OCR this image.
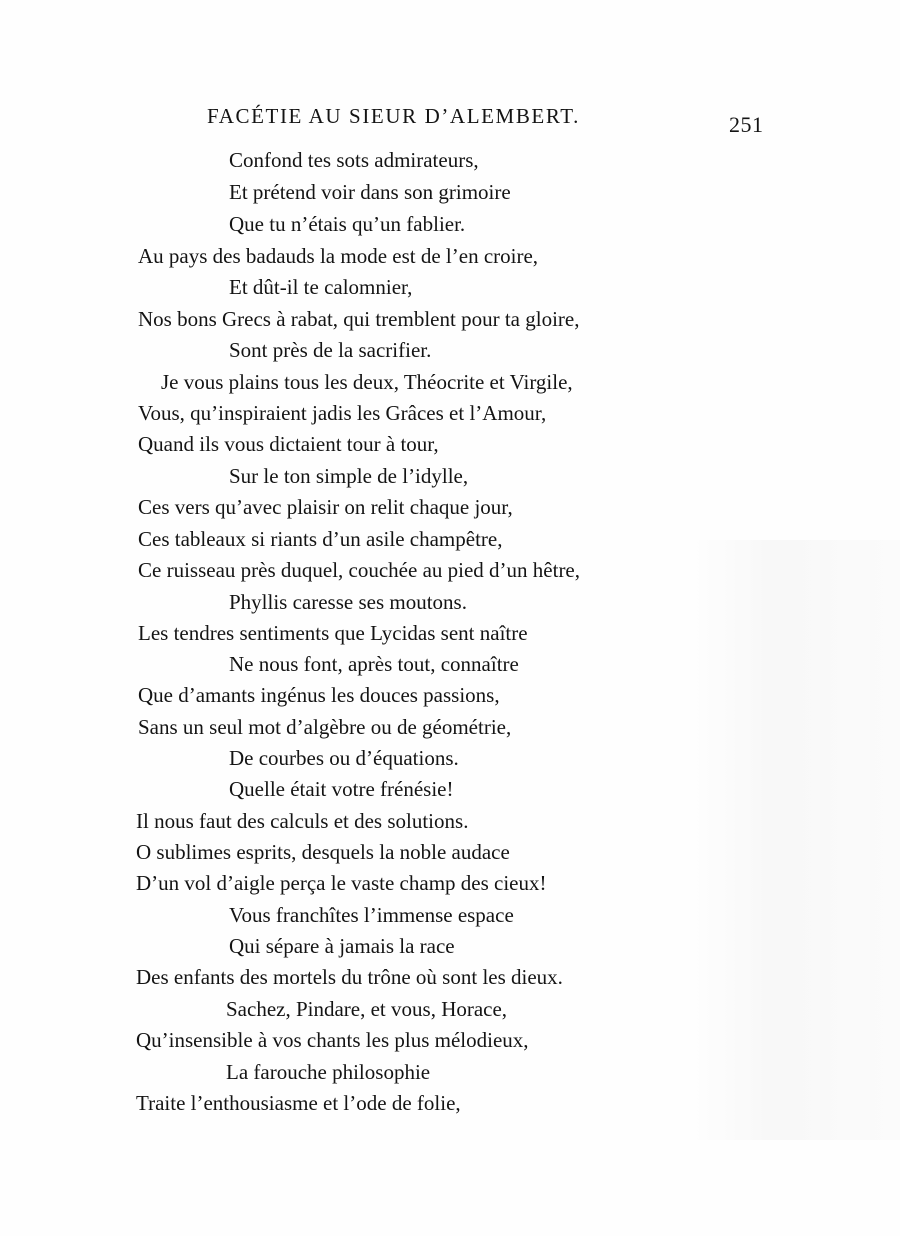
FACÉTIE AU SIEUR D’ALEMBERT.	251
Confond tes sots admirateurs,
Et prétend voir dans son grimoire
Que tu n’étais qu’un fablier.
Au pays des badauds la mode est de l’en croire,
Et dût-il te calomnier,
Nos bons Grecs à rabat, qui tremblent pour ta gloire,
Sont près de la sacrifier.
Je vous plains tous les deux, Théocrite et Virgile,
Vous, qu’inspiraient jadis les Grâces et l’Amour,
Quand ils vous dictaient tour à tour,
Sur le ton simple de l’idylle,
Ces vers qu’avec plaisir on relit chaque jour,
Ces tableaux si riants d’un asile champêtre,
Ce ruisseau près duquel, couchée au pied d’un hêtre,
Phyllis caresse ses moutons.
Les tendres sentiments que Lycidas sent naître
Ne nous font, après tout, connaître
Que d’amants ingénus les douces passions,
Sans un seul mot d’algèbre ou de géométrie,
De courbes ou d’équations.
Quelle était votre frénésie!
Il nous faut des calculs et des solutions.
O sublimes esprits, desquels la noble audace
D’un vol d’aigle perça le vaste champ des cieux!
Vous franchîtes l’immense espace
Qui sépare à jamais la race
Des enfants des mortels du trône où sont les dieux.
Sachez, Pindare, et vous, Horace,
Qu’insensible à vos chants les plus mélodieux,
La farouche philosophie
Traite l’enthousiasme et l’ode de folie,
